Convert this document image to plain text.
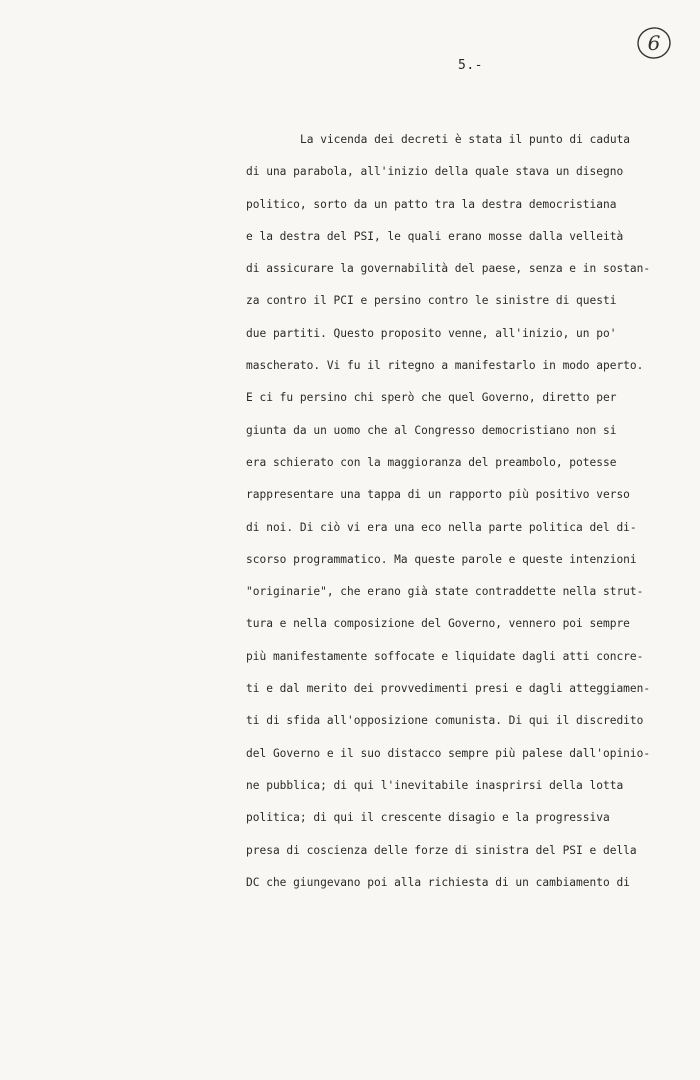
6
5.-
La vicenda dei decreti è stata il punto di caduta
di una parabola, all'inizio della quale stava un disegno
politico, sorto da un patto tra la destra democristiana
e la destra del PSI, le quali erano mosse dalla velleità
di assicurare la governabilità del paese, senza e in sostan-
za contro il PCI e persino contro le sinistre di questi
due partiti. Questo proposito venne, all'inizio, un po'
mascherato. Vi fu il ritegno a manifestarlo in modo aperto.
E ci fu persino chi sperò che quel Governo, diretto per
giunta da un uomo che al Congresso democristiano non si
era schierato con la maggioranza del preambolo, potesse
rappresentare una tappa di un rapporto più positivo verso
di noi. Di ciò vi era una eco nella parte politica del di-
scorso programmatico. Ma queste parole e queste intenzioni
"originarie", che erano già state contraddette nella strut-
tura e nella composizione del Governo, vennero poi sempre
più manifestamente soffocate e liquidate dagli atti concre-
ti e dal merito dei provvedimenti presi e dagli atteggiamen-
ti di sfida all'opposizione comunista. Di qui il discredito
del Governo e il suo distacco sempre più palese dall'opinio-
ne pubblica; di qui l'inevitabile inasprirsi della lotta
politica; di qui il crescente disagio e la progressiva
presa di coscienza delle forze di sinistra del PSI e della
DC che giungevano poi alla richiesta di un cambiamento di
